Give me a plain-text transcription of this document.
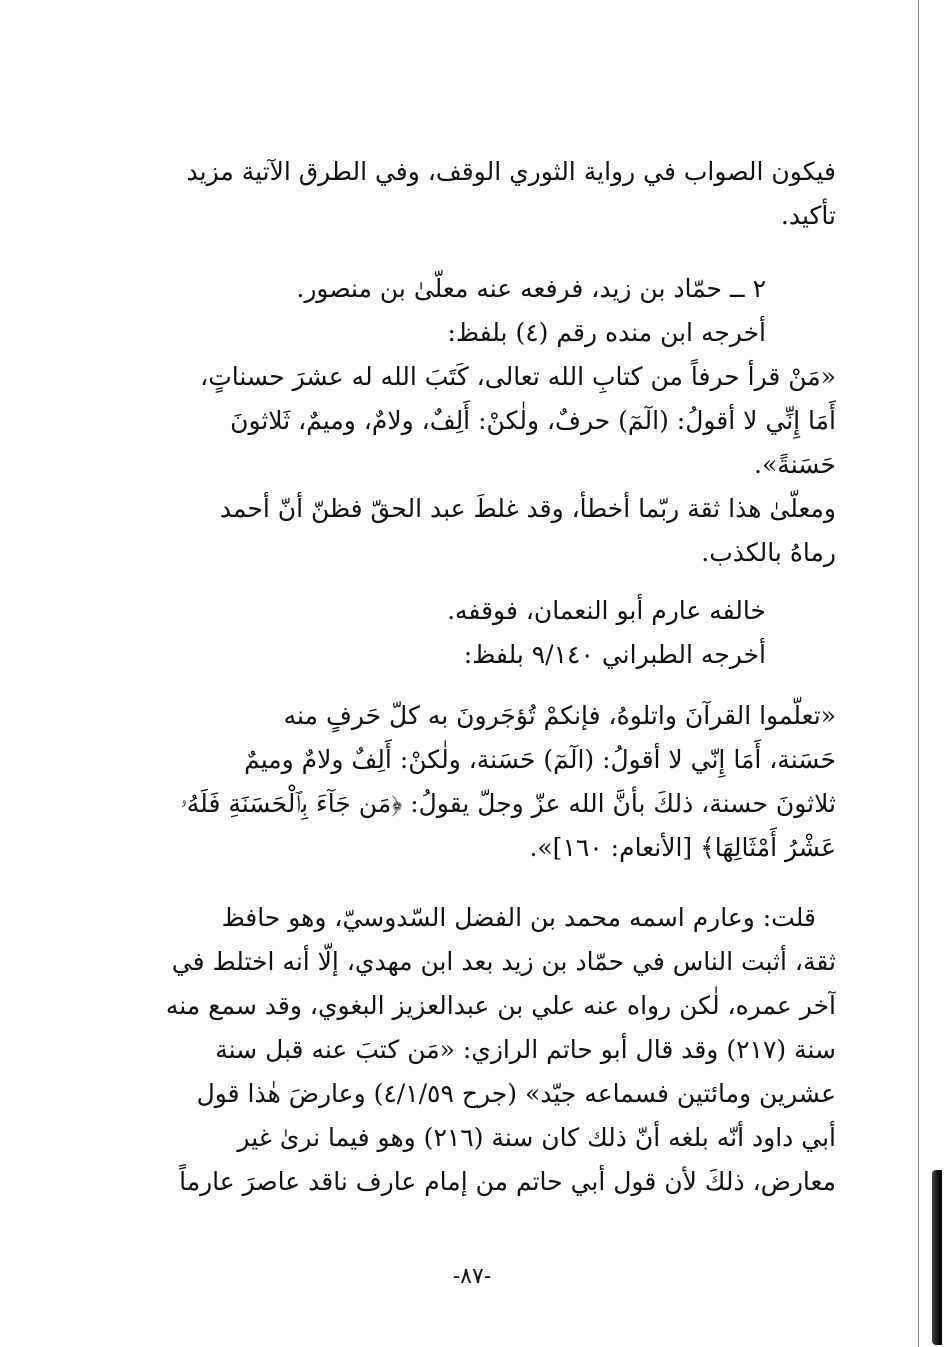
فيكون الصواب في رواية الثوري الوقف، وفي الطرق الآتية مزيد
تأكيد.
٢ ــ حمّاد بن زيد، فرفعه عنه معلّىٰ بن منصور.
أخرجه ابن منده رقم (٤) بلفظ:
«مَنْ قرأ حرفاً من كتابِ الله تعالى، كَتَبَ الله له عشرَ حسناتٍ،
أَمَا إِنِّي لا أقولُ: (الٓمٓ) حرفٌ، ولٰكنْ: أَلِفٌ، ولامٌ، وميمٌ، ثَلاثونَ
حَسَنةً».
ومعلّىٰ هذا ثقة ربّما أخطأ، وقد غلطَ عبد الحقّ فظنّ أنّ أحمد
رماهُ بالكذب.
خالفه عارم أبو النعمان، فوقفه.
أخرجه الطبراني ٩/١٤٠ بلفظ:
«تعلّموا القرآنَ واتلوهُ، فإنكمْ تُؤجَرونَ به كلّ حَرفٍ منه
حَسَنة، أَمَا إِنّي لا أقولُ: (الٓمٓ) حَسَنة، ولٰكنْ: أَلِفٌ ولامٌ وميمٌ
ثلاثونَ حسنة، ذلكَ بأنَّ الله عزّ وجلّ يقولُ: ﴿مَن جَآءَ بِٱلْحَسَنَةِ فَلَهُۥ
عَشْرُ أَمْثَالِهَا﴾ [الأنعام: ١٦٠]».
قلت: وعارم اسمه محمد بن الفضل السّدوسيّ، وهو حافظ
ثقة، أثبت الناس في حمّاد بن زيد بعد ابن مهدي، إلّا أنه اختلط في
آخر عمره، لٰكن رواه عنه علي بن عبدالعزيز البغوي، وقد سمع منه
سنة (٢١٧) وقد قال أبو حاتم الرازي: «مَن كتبَ عنه قبل سنة
عشرين ومائتين فسماعه جيّد» (جرح ٤/١/٥٩) وعارضَ هٰذا قول
أبي داود أنّه بلغه أنّ ذلك كان سنة (٢١٦) وهو فيما نرىٰ غير
معارض، ذلكَ لأن قول أبي حاتم من إمام عارف ناقد عاصرَ عارماً
-٨٧-
